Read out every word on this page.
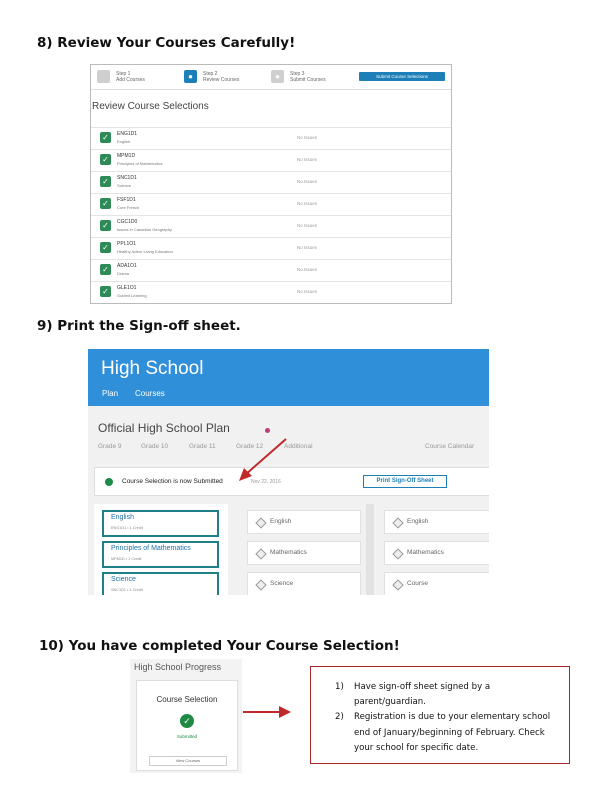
8) Review Your Courses Carefully!
Step 1
Add Courses	●	Step 2
Review Courses	●	Step 3
Submit Courses
Submit Course Selections
Review Course Selections
✓	ENG1D1
English
No Issues
✓	MPM1D
Principles of Mathematics
No Issues
✓	SNC1D1
Science
No Issues
✓	FSF1D1
Core French
No Issues
✓	CGC1D0
Issues in Canadian Geography
No Issues
✓	PPL1O1
Healthy Active Living Education
No Issues
✓	ADA1O1
Drama
No Issues
✓	GLE1O1
Guided Learning
No Issues
9) Print the Sign-off sheet.
High School
Plan Courses
Official High School Plan
Grade 9	Grade 10	Grade 11	Grade 12	Additional	Course Calendar
Course Selection is now Submitted	Nov 22, 2016	Print Sign-Off Sheet
English
ENG1D1 • 1 Credit
Principles of Mathematics
MPM1D • 1 Credit
Science
SNC1D1 • 1 Credit
English
Mathematics
Science
English
Mathematics
Course
10) You have completed Your Course Selection!
High School Progress
Course Selection
✓
Submitted
View Courses
1) Have sign-off sheet signed by a parent/guardian.
2) Registration is due to your elementary school end of January/beginning of February. Check your school for specific date.
